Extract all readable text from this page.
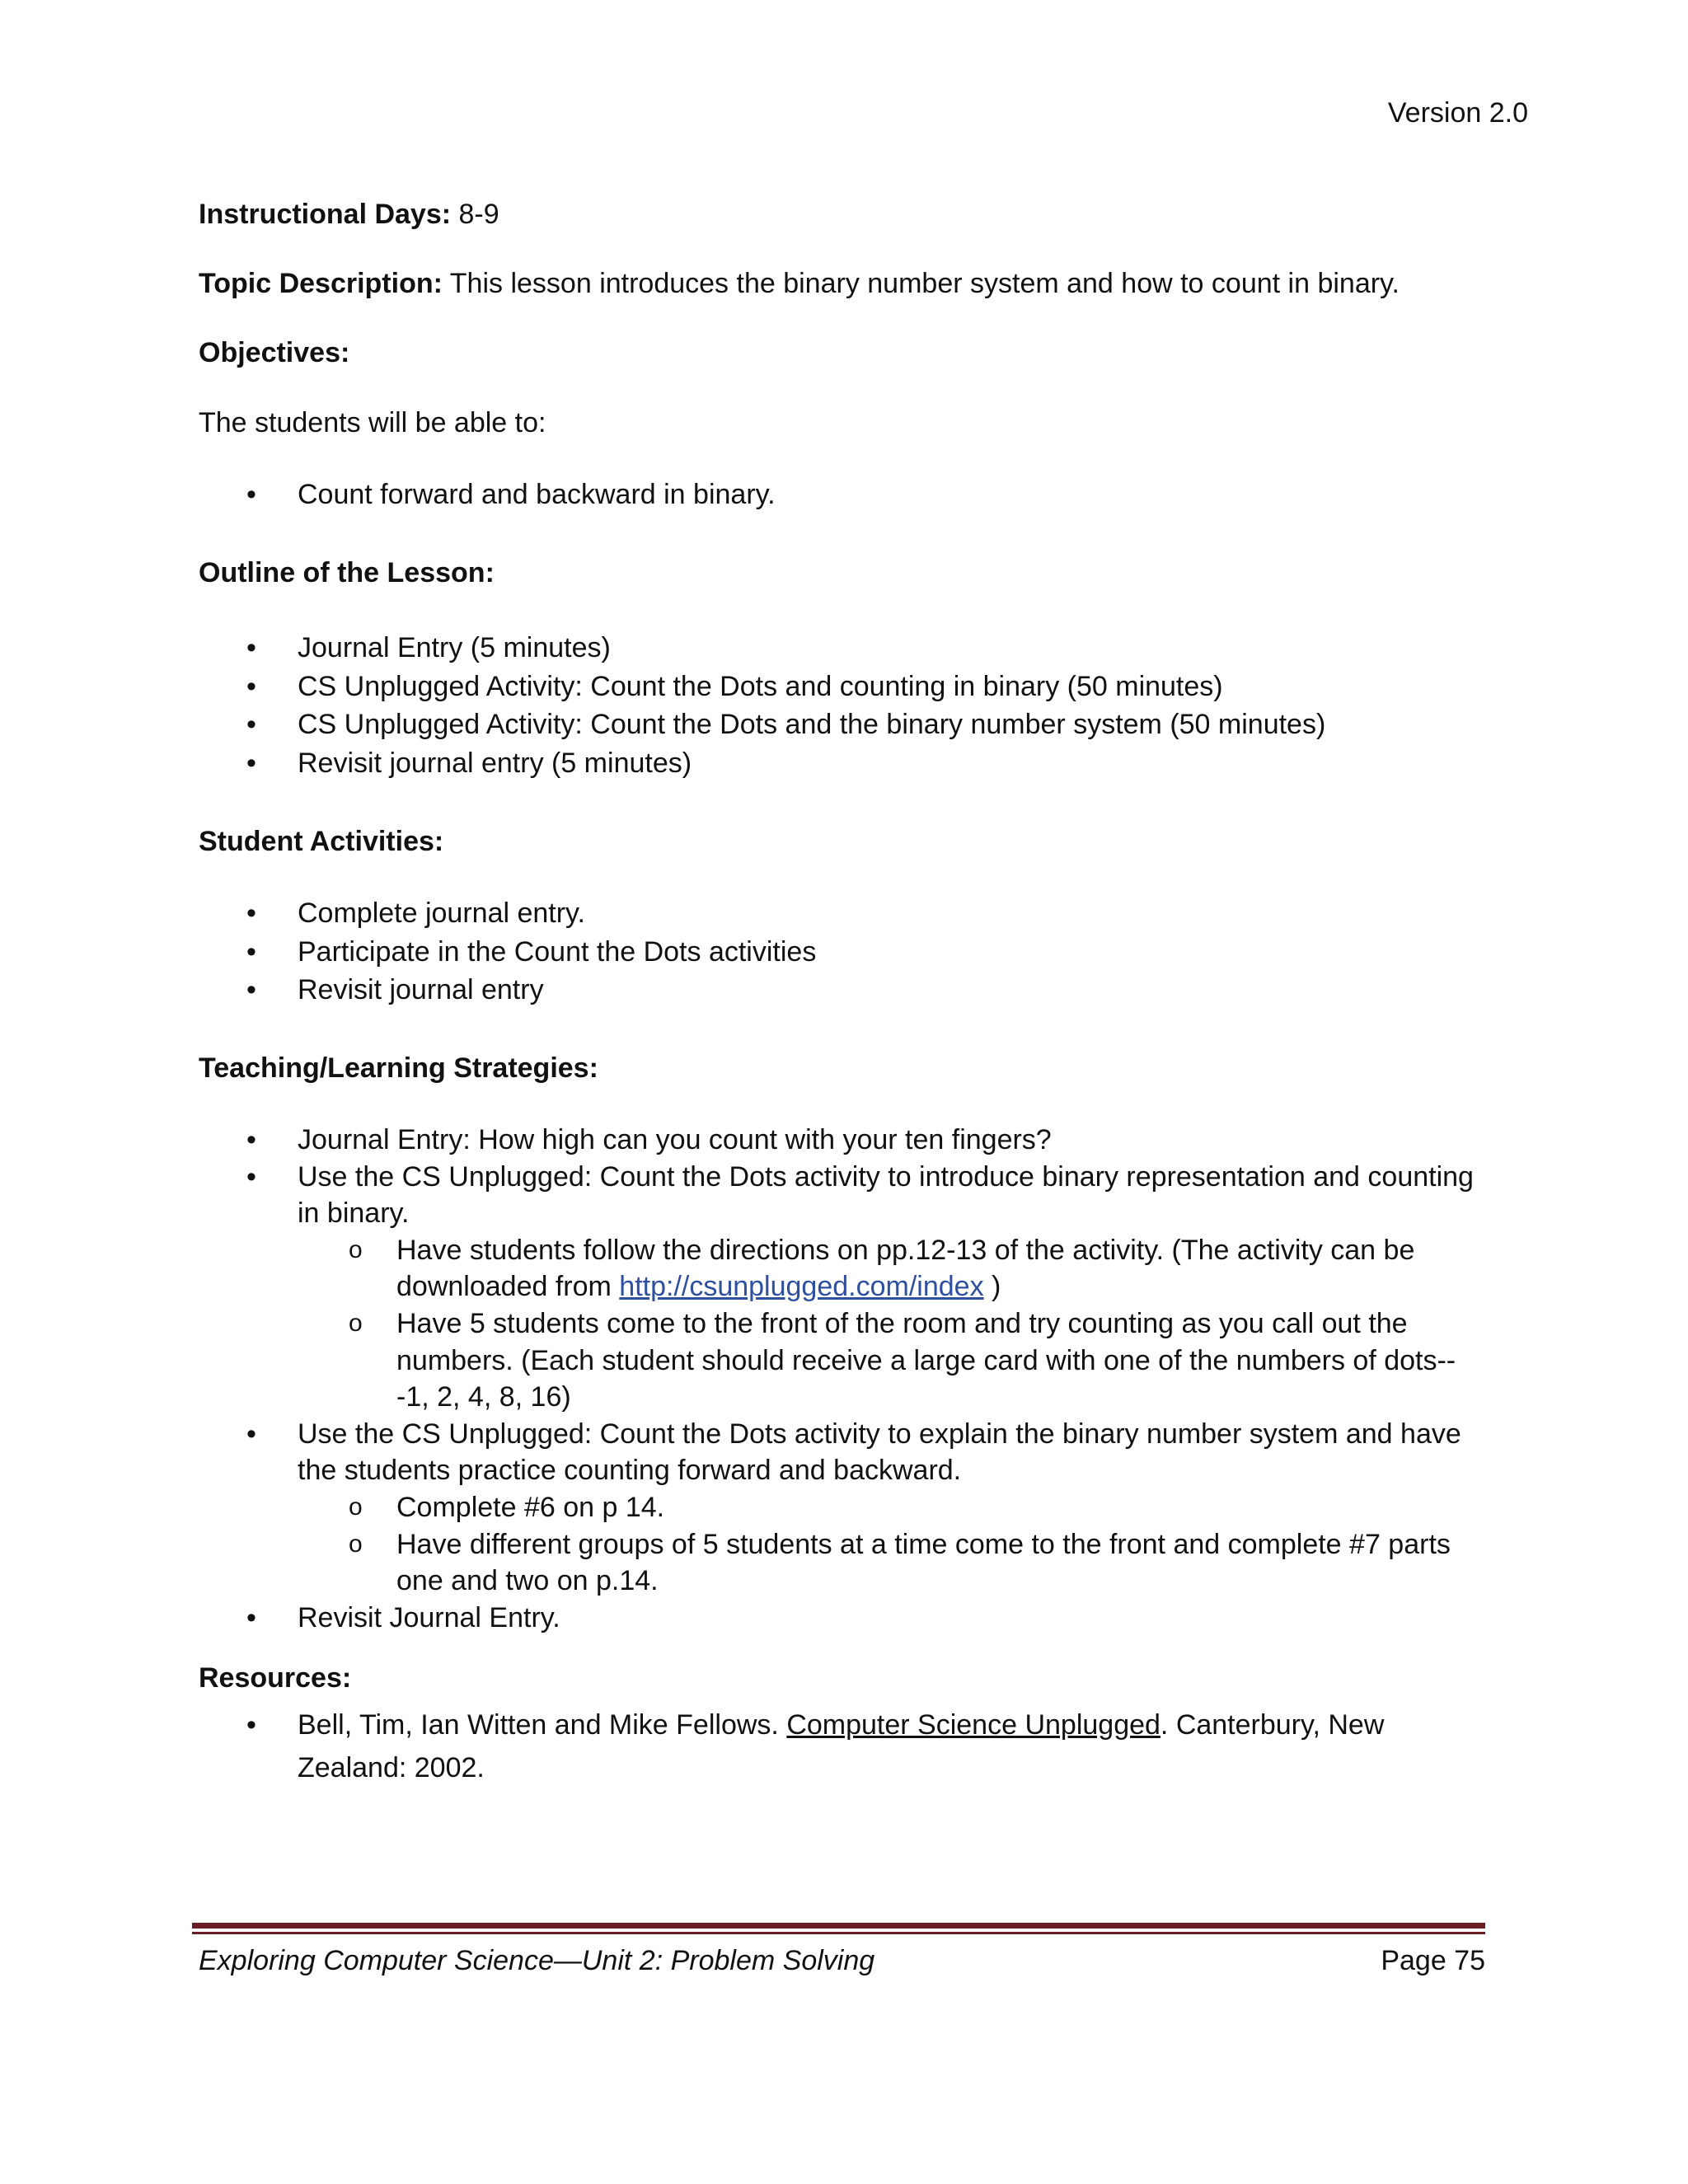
Version 2.0
Instructional Days: 8-9
Topic Description: This lesson introduces the binary number system and how to count in binary.
Objectives:
The students will be able to:
• Count forward and backward in binary.
Outline of the Lesson:
• Journal Entry (5 minutes)
• CS Unplugged Activity: Count the Dots and counting in binary (50 minutes)
• CS Unplugged Activity: Count the Dots and the binary number system (50 minutes)
• Revisit journal entry (5 minutes)
Student Activities:
• Complete journal entry.
• Participate in the Count the Dots activities
• Revisit journal entry
Teaching/Learning Strategies:
• Journal Entry: How high can you count with your ten fingers?
• Use the CS Unplugged: Count the Dots activity to introduce binary representation and counting in binary.
o Have students follow the directions on pp.12-13 of the activity. (The activity can be downloaded from http://csunplugged.com/index )
o Have 5 students come to the front of the room and try counting as you call out the numbers. (Each student should receive a large card with one of the numbers of dots---1, 2, 4, 8, 16)
• Use the CS Unplugged: Count the Dots activity to explain the binary number system and have the students practice counting forward and backward.
o Complete #6 on p 14.
o Have different groups of 5 students at a time come to the front and complete #7 parts one and two on p.14.
• Revisit Journal Entry.
Resources:
• Bell, Tim, Ian Witten and Mike Fellows. Computer Science Unplugged. Canterbury, New Zealand: 2002.
Exploring Computer Science—Unit 2: Problem Solving	Page 75
